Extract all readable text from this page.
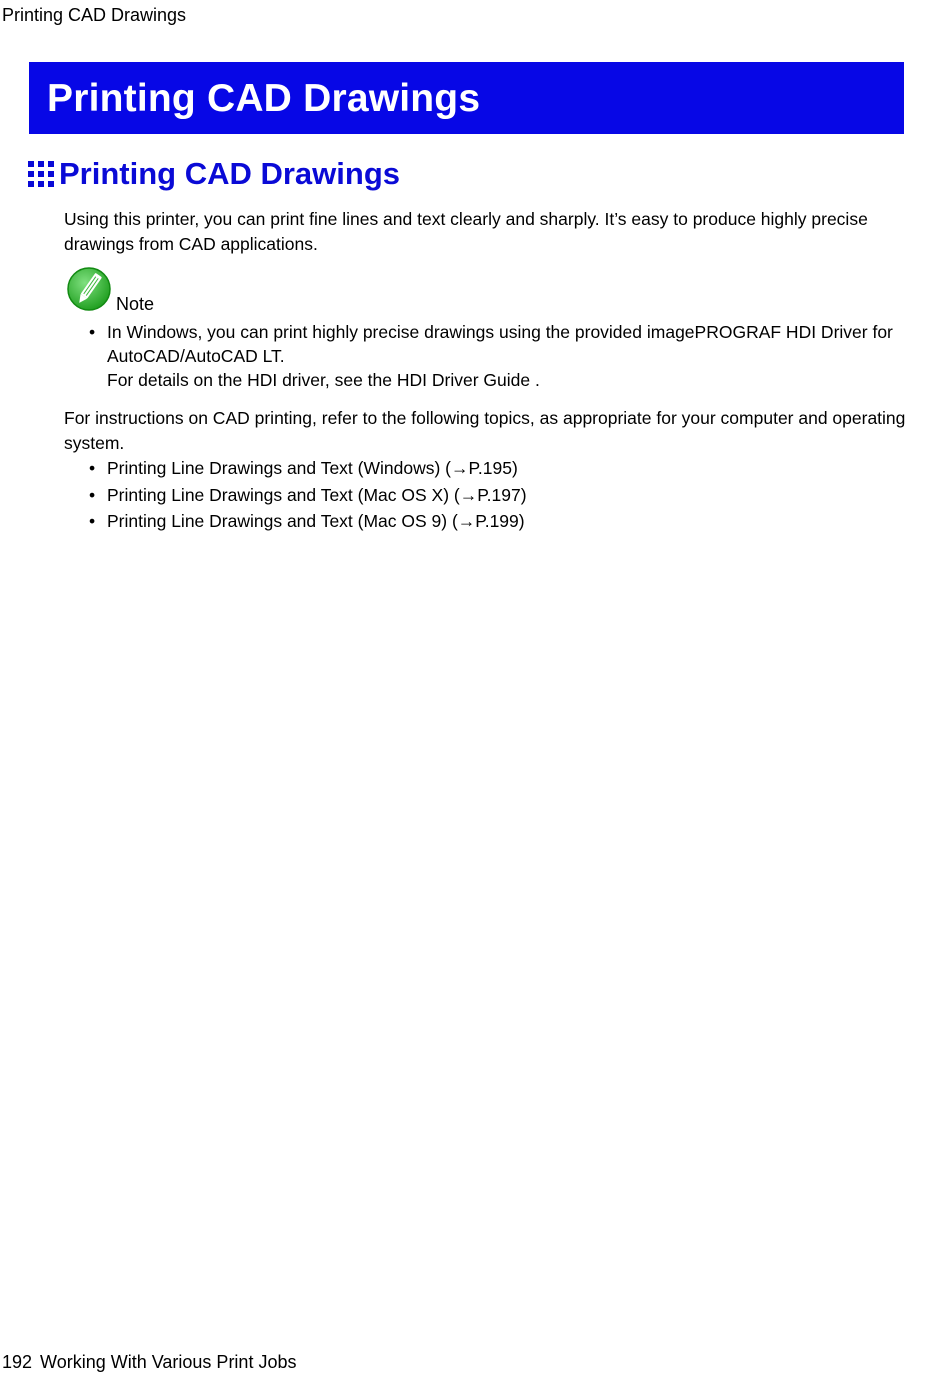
Printing CAD Drawings
Printing CAD Drawings
Printing CAD Drawings

Using this printer, you can print fine lines and text clearly and sharply. It’s easy to produce highly precise drawings from CAD applications.

Note
• In Windows, you can print highly precise drawings using the provided imagePROGRAF HDI Driver for AutoCAD/AutoCAD LT.
For details on the HDI driver, see the HDI Driver Guide .

For instructions on CAD printing, refer to the following topics, as appropriate for your computer and operating system.

• Printing Line Drawings and Text (Windows) (→P.195)
• Printing Line Drawings and Text (Mac OS X) (→P.197)
• Printing Line Drawings and Text (Mac OS 9) (→P.199)
192 Working With Various Print Jobs
